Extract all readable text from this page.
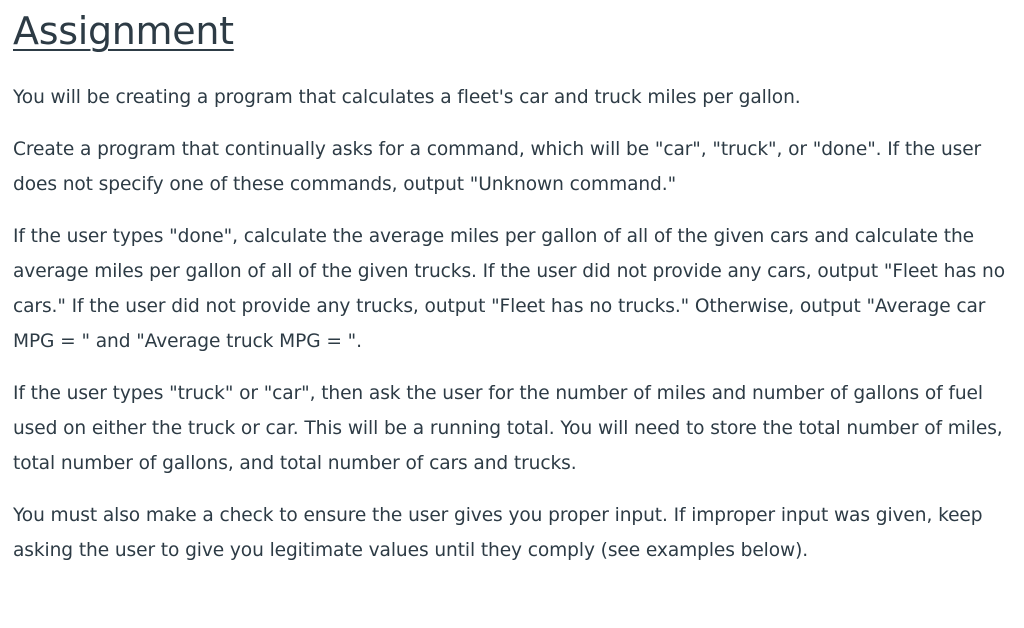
Assignment

You will be creating a program that calculates a fleet's car and truck miles per gallon.

Create a program that continually asks for a command, which will be "car", "truck", or "done". If the user does not specify one of these commands, output "Unknown command."

If the user types "done", calculate the average miles per gallon of all of the given cars and calculate the average miles per gallon of all of the given trucks. If the user did not provide any cars, output "Fleet has no cars." If the user did not provide any trucks, output "Fleet has no trucks." Otherwise, output "Average car MPG = " and "Average truck MPG = ".

If the user types "truck" or "car", then ask the user for the number of miles and number of gallons of fuel used on either the truck or car. This will be a running total. You will need to store the total number of miles, total number of gallons, and total number of cars and trucks.

You must also make a check to ensure the user gives you proper input. If improper input was given, keep asking the user to give you legitimate values until they comply (see examples below).
